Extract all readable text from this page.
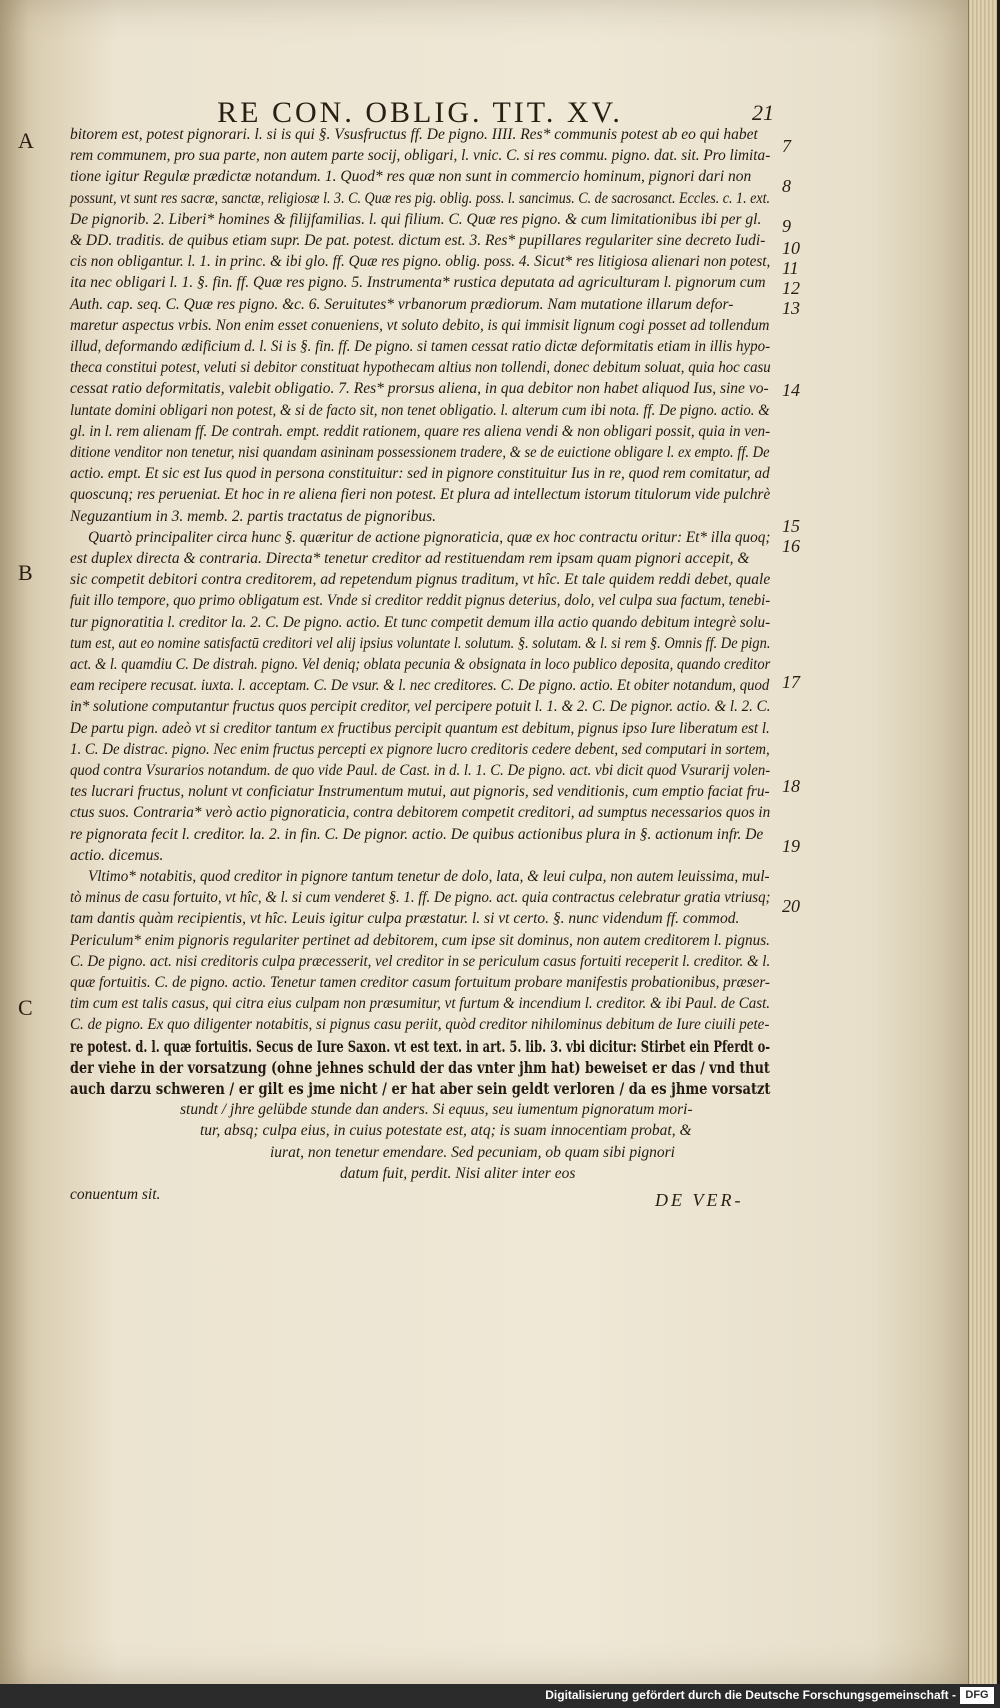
RE CON. OBLIG. TIT. XV.	21
A
B
C
bitorem est, potest pignorari. l. si is qui §. Vsusfructus ff. De pigno. IIII. Res* communis potest ab eo qui habet
rem communem, pro sua parte, non autem parte socij, obligari, l. vnic. C. si res commu. pigno. dat. sit. Pro limita-
tione igitur Regulæ prædictæ notandum. 1. Quod* res quæ non sunt in commercio hominum, pignori dari non
possunt, vt sunt res sacræ, sanctæ, religiosæ l. 3. C. Quæ res pig. oblig. poss. l. sancimus. C. de sacrosanct. Eccles. c. 1. ext.
De pignorib. 2. Liberi* homines & filijfamilias. l. qui filium. C. Quæ res pigno. & cum limitationibus ibi per gl.
& DD. traditis. de quibus etiam supr. De pat. potest. dictum est. 3. Res* pupillares regulariter sine decreto Iudi-
cis non obligantur. l. 1. in princ. & ibi glo. ff. Quæ res pigno. oblig. poss. 4. Sicut* res litigiosa alienari non potest,
ita nec obligari l. 1. §. fin. ff. Quæ res pigno. 5. Instrumenta* rustica deputata ad agriculturam l. pignorum cum
Auth. cap. seq. C. Quæ res pigno. &c. 6. Seruitutes* vrbanorum prædiorum. Nam mutatione illarum defor-
maretur aspectus vrbis. Non enim esset conueniens, vt soluto debito, is qui immisit lignum cogi posset ad tollendum
illud, deformando ædificium d. l. Si is §. fin. ff. De pigno. si tamen cessat ratio dictæ deformitatis etiam in illis hypo-
theca constitui potest, veluti si debitor constituat hypothecam altius non tollendi, donec debitum soluat, quia hoc casu
cessat ratio deformitatis, valebit obligatio. 7. Res* prorsus aliena, in qua debitor non habet aliquod Ius, sine vo-
luntate domini obligari non potest, & si de facto sit, non tenet obligatio. l. alterum cum ibi nota. ff. De pigno. actio. &
gl. in l. rem alienam ff. De contrah. empt. reddit rationem, quare res aliena vendi & non obligari possit, quia in ven-
ditione venditor non tenetur, nisi quandam asininam possessionem tradere, & se de euictione obligare l. ex empto. ff. De
actio. empt. Et sic est Ius quod in persona constituitur: sed in pignore constituitur Ius in re, quod rem comitatur, ad
quoscunq; res perueniat. Et hoc in re aliena fieri non potest. Et plura ad intellectum istorum titulorum vide pulchrè
Neguzantium in 3. memb. 2. partis tractatus de pignoribus.
Quartò principaliter circa hunc §. quæritur de actione pignoraticia, quæ ex hoc contractu oritur: Et* illa quoq;
est duplex directa & contraria. Directa* tenetur creditor ad restituendam rem ipsam quam pignori accepit, &
sic competit debitori contra creditorem, ad repetendum pignus traditum, vt hîc. Et tale quidem reddi debet, quale
fuit illo tempore, quo primo obligatum est. Vnde si creditor reddit pignus deterius, dolo, vel culpa sua factum, tenebi-
tur pignoratitia l. creditor la. 2. C. De pigno. actio. Et tunc competit demum illa actio quando debitum integrè solu-
tum est, aut eo nomine satisfactū creditori vel alij ipsius voluntate l. solutum. §. solutam. & l. si rem §. Omnis ff. De pign.
act. & l. quamdiu C. De distrah. pigno. Vel deniq; oblata pecunia & obsignata in loco publico deposita, quando creditor
eam recipere recusat. iuxta. l. acceptam. C. De vsur. & l. nec creditores. C. De pigno. actio. Et obiter notandum, quod
in* solutione computantur fructus quos percipit creditor, vel percipere potuit l. 1. & 2. C. De pignor. actio. & l. 2. C.
De partu pign. adeò vt si creditor tantum ex fructibus percipit quantum est debitum, pignus ipso Iure liberatum est l.
1. C. De distrac. pigno. Nec enim fructus percepti ex pignore lucro creditoris cedere debent, sed computari in sortem,
quod contra Vsurarios notandum. de quo vide Paul. de Cast. in d. l. 1. C. De pigno. act. vbi dicit quod Vsurarij volen-
tes lucrari fructus, nolunt vt conficiatur Instrumentum mutui, aut pignoris, sed venditionis, cum emptio faciat fru-
ctus suos. Contraria* verò actio pignoraticia, contra debitorem competit creditori, ad sumptus necessarios quos in
re pignorata fecit l. creditor. la. 2. in fin. C. De pignor. actio. De quibus actionibus plura in §. actionum infr. De
actio. dicemus.
Vltimo* notabitis, quod creditor in pignore tantum tenetur de dolo, lata, & leui culpa, non autem leuissima, mul-
tò minus de casu fortuito, vt hîc, & l. si cum venderet §. 1. ff. De pigno. act. quia contractus celebratur gratia vtriusq;
tam dantis quàm recipientis, vt hîc. Leuis igitur culpa præstatur. l. si vt certo. §. nunc videndum ff. commod.
Periculum* enim pignoris regulariter pertinet ad debitorem, cum ipse sit dominus, non autem creditorem l. pignus.
C. De pigno. act. nisi creditoris culpa præcesserit, vel creditor in se periculum casus fortuiti receperit l. creditor. & l.
quæ fortuitis. C. de pigno. actio. Tenetur tamen creditor casum fortuitum probare manifestis probationibus, præser-
tim cum est talis casus, qui citra eius culpam non præsumitur, vt furtum & incendium l. creditor. & ibi Paul. de Cast.
C. de pigno. Ex quo diligenter notabitis, si pignus casu periit, quòd creditor nihilominus debitum de Iure ciuili pete-
re potest. d. l. quæ fortuitis. Secus de Iure Saxon. vt est text. in art. 5. lib. 3. vbi dicitur: Stirbet ein Pferdt o-
der viehe in der vorsatzung (ohne jehnes schuld der das vnter jhm hat) beweiset er das / vnd thut
auch darzu schweren / er gilt es jme nicht / er hat aber sein geldt verloren / da es jhme vorsatzt
stundt / jhre gelübde stunde dan anders. Si equus, seu iumentum pignoratum mori-
tur, absq; culpa eius, in cuius potestate est, atq; is suam innocentiam probat, &
iurat, non tenetur emendare. Sed pecuniam, ob quam sibi pignori
datum fuit, perdit. Nisi aliter inter eos
conuentum sit.
7
8
9
10
11
12
13
14
15
16
17
18
19
20
DE VER-
Digitalisierung gefördert durch die Deutsche Forschungsgemeinschaft - DFG
